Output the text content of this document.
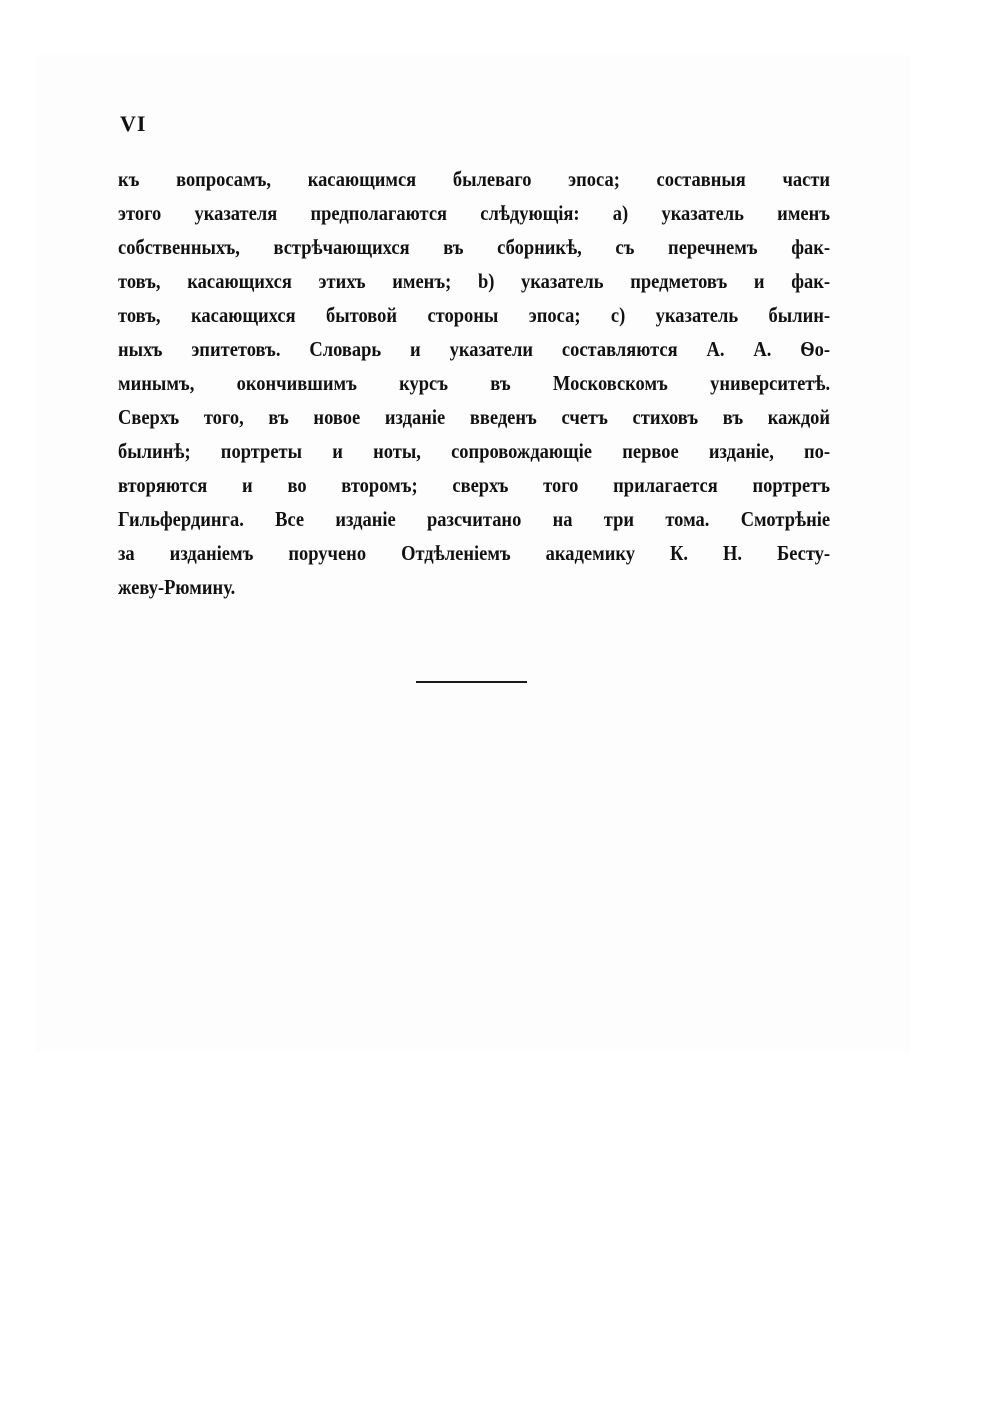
VI
къ вопросамъ, касающимся былеваго эпоса; составныя части
этого указателя предполагаются слѣдующія: а) указатель именъ
собственныхъ, встрѣчающихся въ сборникѣ, съ перечнемъ фак-
товъ, касающихся этихъ именъ; b) указатель предметовъ и фак-
товъ, касающихся бытовой стороны эпоса; c) указатель былин-
ныхъ эпитетовъ. Словарь и указатели составляются А. А. Ѳо-
минымъ, окончившимъ курсъ въ Московскомъ университетѣ.
Сверхъ того, въ новое изданіе введенъ счетъ стиховъ въ каждой
былинѣ; портреты и ноты, сопровождающіе первое изданіе, по-
вторяются и во второмъ; сверхъ того прилагается портретъ
Гильфердинга. Все изданіе разсчитано на три тома. Смотрѣніе
за изданіемъ поручено Отдѣленіемъ академику К. Н. Бесту-
жеву-Рюмину.
